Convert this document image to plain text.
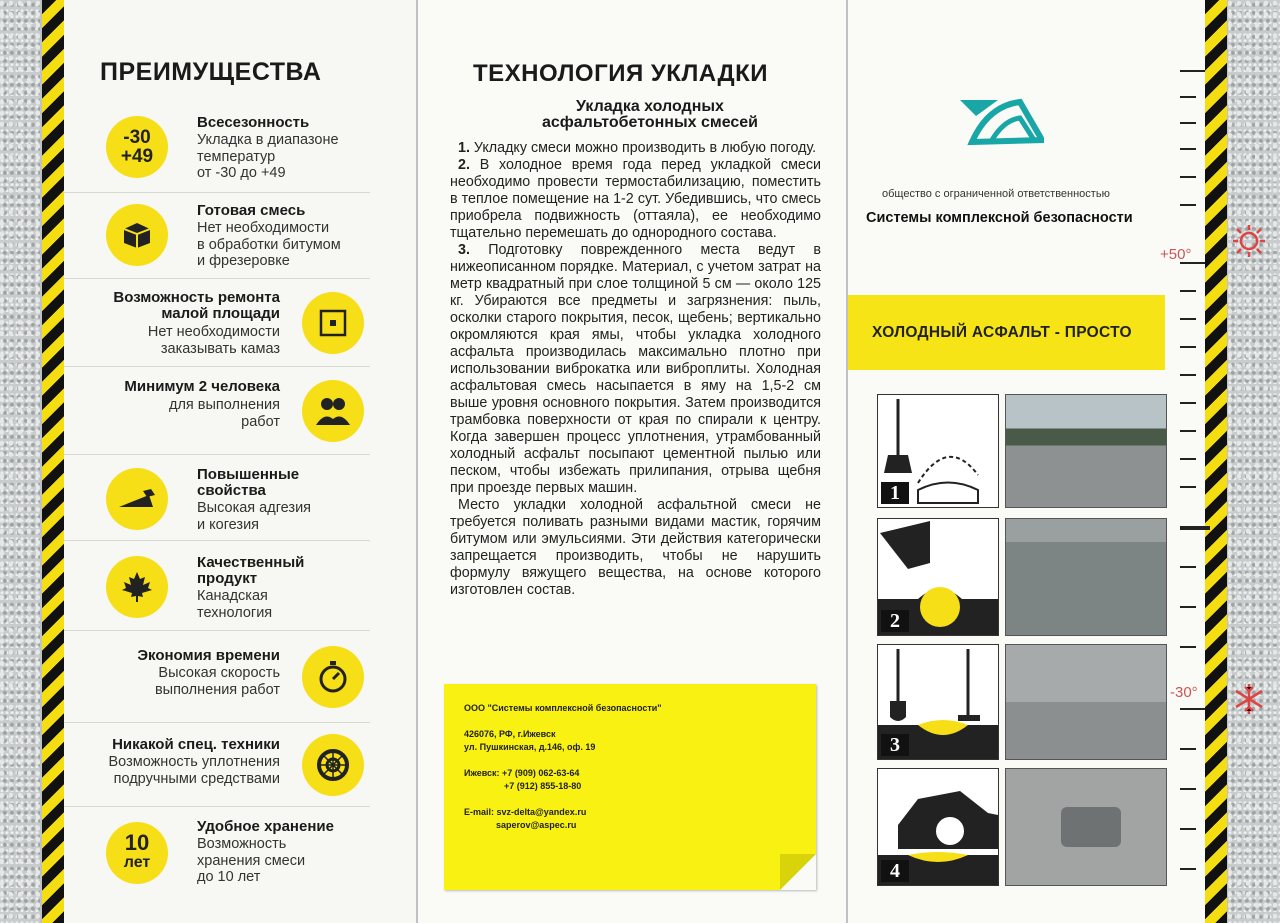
ПРЕИМУЩЕСТВА
-30
+49
Всесезонность
Укладка в диапазоне
температур
от -30 до +49
Готовая смесь
Нет необходимости
в обработки битумом
и фрезеровке
Возможность ремонта
малой площади
Нет необходимости
заказывать камаз
Минимум 2 человека
для выполнения
работ
Повышенные
свойства
Высокая адгезия
и когезия
Качественный
продукт
Канадская
технология
Экономия времени
Высокая скорость
выполнения работ
Никакой спец. техники
Возможность уплотнения
подручными средствами
10
лет
Удобное хранение
Возможность
хранения смеси
до 10 лет
ТЕХНОЛОГИЯ УКЛАДКИ
Укладка холодных
асфальтобетонных смесей

1. Укладку смеси можно производить в любую погоду.

2. В холодное время года перед укладкой смеси необходимо провести термостабилизацию, поместить в теплое помещение на 1-2 сут. Убедившись, что смесь приобрела подвижность (оттаяла), ее необходимо тщательно перемешать до однородного состава.

3. Подготовку поврежденного места ведут в нижеописанном порядке. Материал, с учетом затрат на метр квадратный при слое толщиной 5 см — около 125 кг. Убираются все предметы и загрязнения: пыль, осколки старого покрытия, песок, щебень; вертикально окромляются края ямы, чтобы укладка холодного асфальта производилась максимально плотно при использовании виброкатка или виброплиты. Холодная асфальтовая смесь насыпается в яму на 1,5-2 см выше уровня основного покрытия. Затем производится трамбовка поверхности от края по спирали к центру. Когда завершен процесс уплотнения, утрамбованный холодный асфальт посыпают цементной пылью или песком, чтобы избежать прилипания, отрыва щебня при проезде первых машин.

Место укладки холодной асфальтной смеси не требуется поливать разными видами мастик, горячим битумом или эмульсиями. Эти действия категорически запрещается производить, чтобы не нарушить формулу вяжущего вещества, на основе которого изготовлен состав.

ООО "Системы комплексной безопасности"
426076, РФ, г.Ижевск
ул. Пушкинская, д.146, оф. 19
Ижевск: +7 (909) 062-63-64
+7 (912) 855-18-80
E-mail: svz-delta@yandex.ru
saperov@aspec.ru
общество с ограниченной ответственностью
Системы комплексной безопасности
ХОЛОДНЫЙ АСФАЛЬТ - ПРОСТО
1
2
3
4
+50°
-30°
